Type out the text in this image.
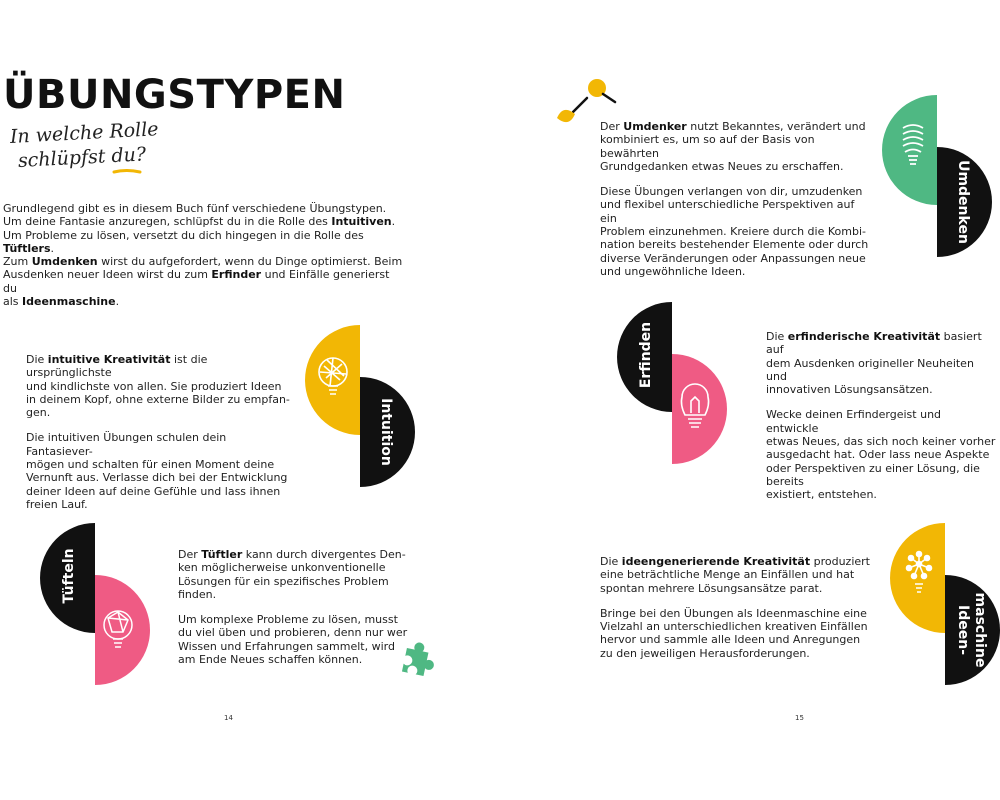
ÜBUNGSTYPEN
In welche Rolle
schlüpfst du?
Grundlegend gibt es in diesem Buch fünf verschiedene Übungstypen.
Um deine Fantasie anzuregen, schlüpfst du in die Rolle des Intuitiven.
Um Probleme zu lösen, versetzt du dich hingegen in die Rolle des Tüftlers.
Zum Umdenken wirst du aufgefordert, wenn du Dinge optimierst. Beim
Ausdenken neuer Ideen wirst du zum Erfinder und Einfälle generierst du
als Ideenmaschine.

Die intuitive Kreativität ist die ursprünglichste
und kindlichste von allen. Sie produziert Ideen
in deinem Kopf, ohne externe Bilder zu empfan-
gen.

Die intuitiven Übungen schulen dein Fantasiever-
mögen und schalten für einen Moment deine
Vernunft aus. Verlasse dich bei der Entwicklung
deiner Ideen auf deine Gefühle und lass ihnen
freien Lauf.

Intuition
Tüfteln	Der Tüftler kann durch divergentes Den-
ken möglicherweise unkonventionelle
Lösungen für ein spezifisches Problem
finden.

Um komplexe Probleme zu lösen, musst
du viel üben und probieren, denn nur wer
Wissen und Erfahrungen sammelt, wird
am Ende Neues schaffen können.

14

Der Umdenker nutzt Bekanntes, verändert und
kombiniert es, um so auf der Basis von bewährten
Grundgedanken etwas Neues zu erschaffen.

Diese Übungen verlangen von dir, umzudenken
und flexibel unterschiedliche Perspektiven auf ein
Problem einzunehmen. Kreiere durch die Kombi-
nation bereits bestehender Elemente oder durch
diverse Veränderungen oder Anpassungen neue
und ungewöhnliche Ideen.

Umdenken
Erfinden	Die erfinderische Kreativität basiert auf
dem Ausdenken origineller Neuheiten und
innovativen Lösungsansätzen.

Wecke deinen Erfindergeist und entwickle
etwas Neues, das sich noch keiner vorher
ausgedacht hat. Oder lass neue Aspekte
oder Perspektiven zu einer Lösung, die bereits
existiert, entstehen.

Die ideengenerierende Kreativität produziert
eine beträchtliche Menge an Einfällen und hat
spontan mehrere Lösungsansätze parat.

Bringe bei den Übungen als Ideenmaschine eine
Vielzahl an unterschiedlichen kreativen Einfällen
hervor und sammle alle Ideen und Anregungen
zu den jeweiligen Herausforderungen.	Ideen- maschine
15
